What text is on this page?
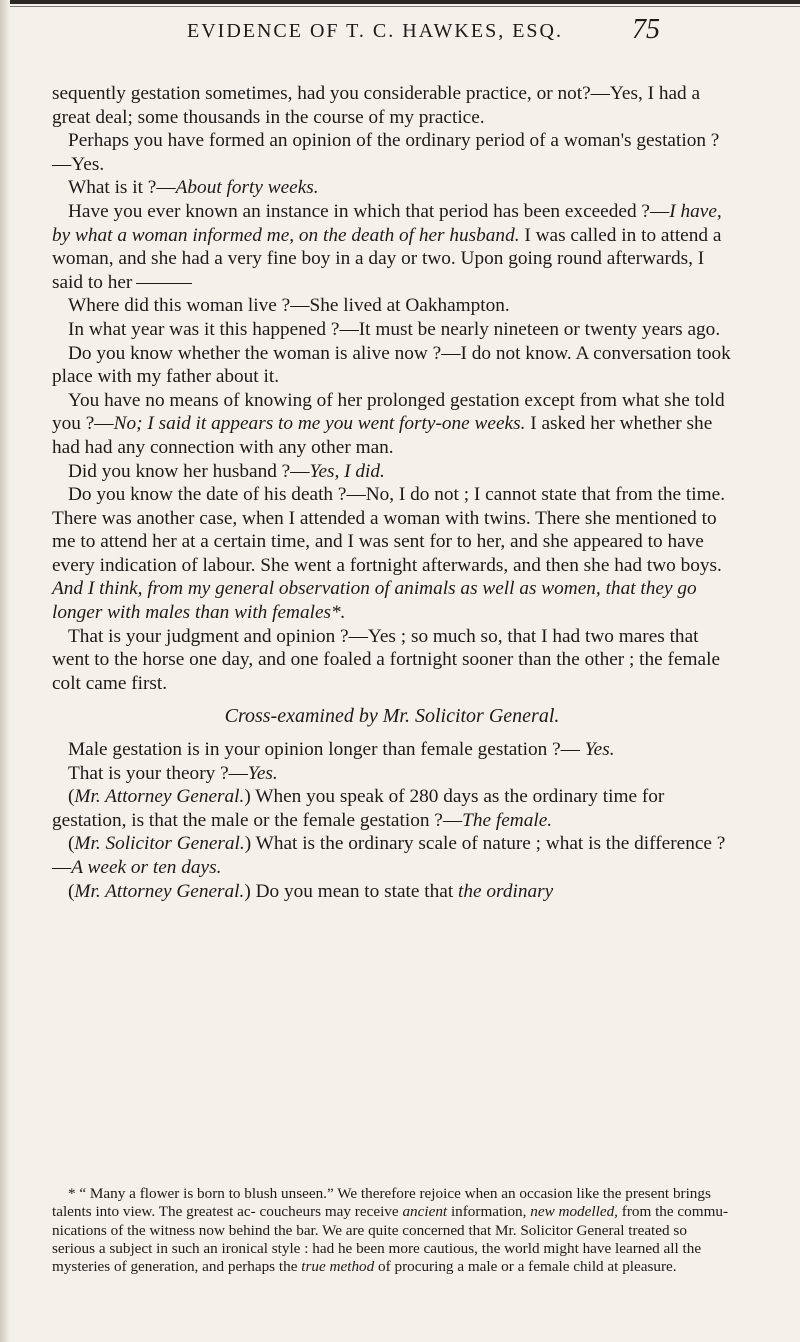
EVIDENCE OF T. C. HAWKES, ESQ.	75

sequently gestation sometimes, had you considerable practice, or not?—Yes, I had a great deal; some thousands in the course of my practice.

Perhaps you have formed an opinion of the ordinary period of a woman's gestation ?—Yes.

What is it ?—About forty weeks.

Have you ever known an instance in which that period has been exceeded ?—I have, by what a woman informed me, on the death of her husband. I was called in to attend a woman, and she had a very fine boy in a day or two. Upon going round afterwards, I said to her

Where did this woman live ?—She lived at Oakhampton.

In what year was it this happened ?—It must be nearly nineteen or twenty years ago.

Do you know whether the woman is alive now ?—I do not know. A conversation took place with my father about it.

You have no means of knowing of her prolonged gestation except from what she told you ?—No; I said it appears to me you went forty-one weeks. I asked her whether she had had any connection with any other man.

Did you know her husband ?—Yes, I did.

Do you know the date of his death ?—No, I do not ; I cannot state that from the time. There was another case, when I attended a woman with twins. There she mentioned to me to attend her at a certain time, and I was sent for to her, and she appeared to have every indication of labour. She went a fortnight afterwards, and then she had two boys. And I think, from my general observation of animals as well as women, that they go longer with males than with females*.

That is your judgment and opinion ?—Yes ; so much so, that I had two mares that went to the horse one day, and one foaled a fortnight sooner than the other ; the female colt came first.

Cross-examined by Mr. Solicitor General.

Male gestation is in your opinion longer than female gestation ?— Yes.

That is your theory ?—Yes.

(Mr. Attorney General.) When you speak of 280 days as the ordinary time for gestation, is that the male or the female gestation ?—The female.

(Mr. Solicitor General.) What is the ordinary scale of nature ; what is the difference ?—A week or ten days.

(Mr. Attorney General.) Do you mean to state that the ordinary

* “ Many a flower is born to blush unseen.” We therefore rejoice when an occasion like the present brings talents into view. The greatest ac- coucheurs may receive ancient information, new modelled, from the commu- nications of the witness now behind the bar. We are quite concerned that Mr. Solicitor General treated so serious a subject in such an ironical style : had he been more cautious, the world might have learned all the mysteries of generation, and perhaps the true method of procuring a male or a female child at pleasure.
